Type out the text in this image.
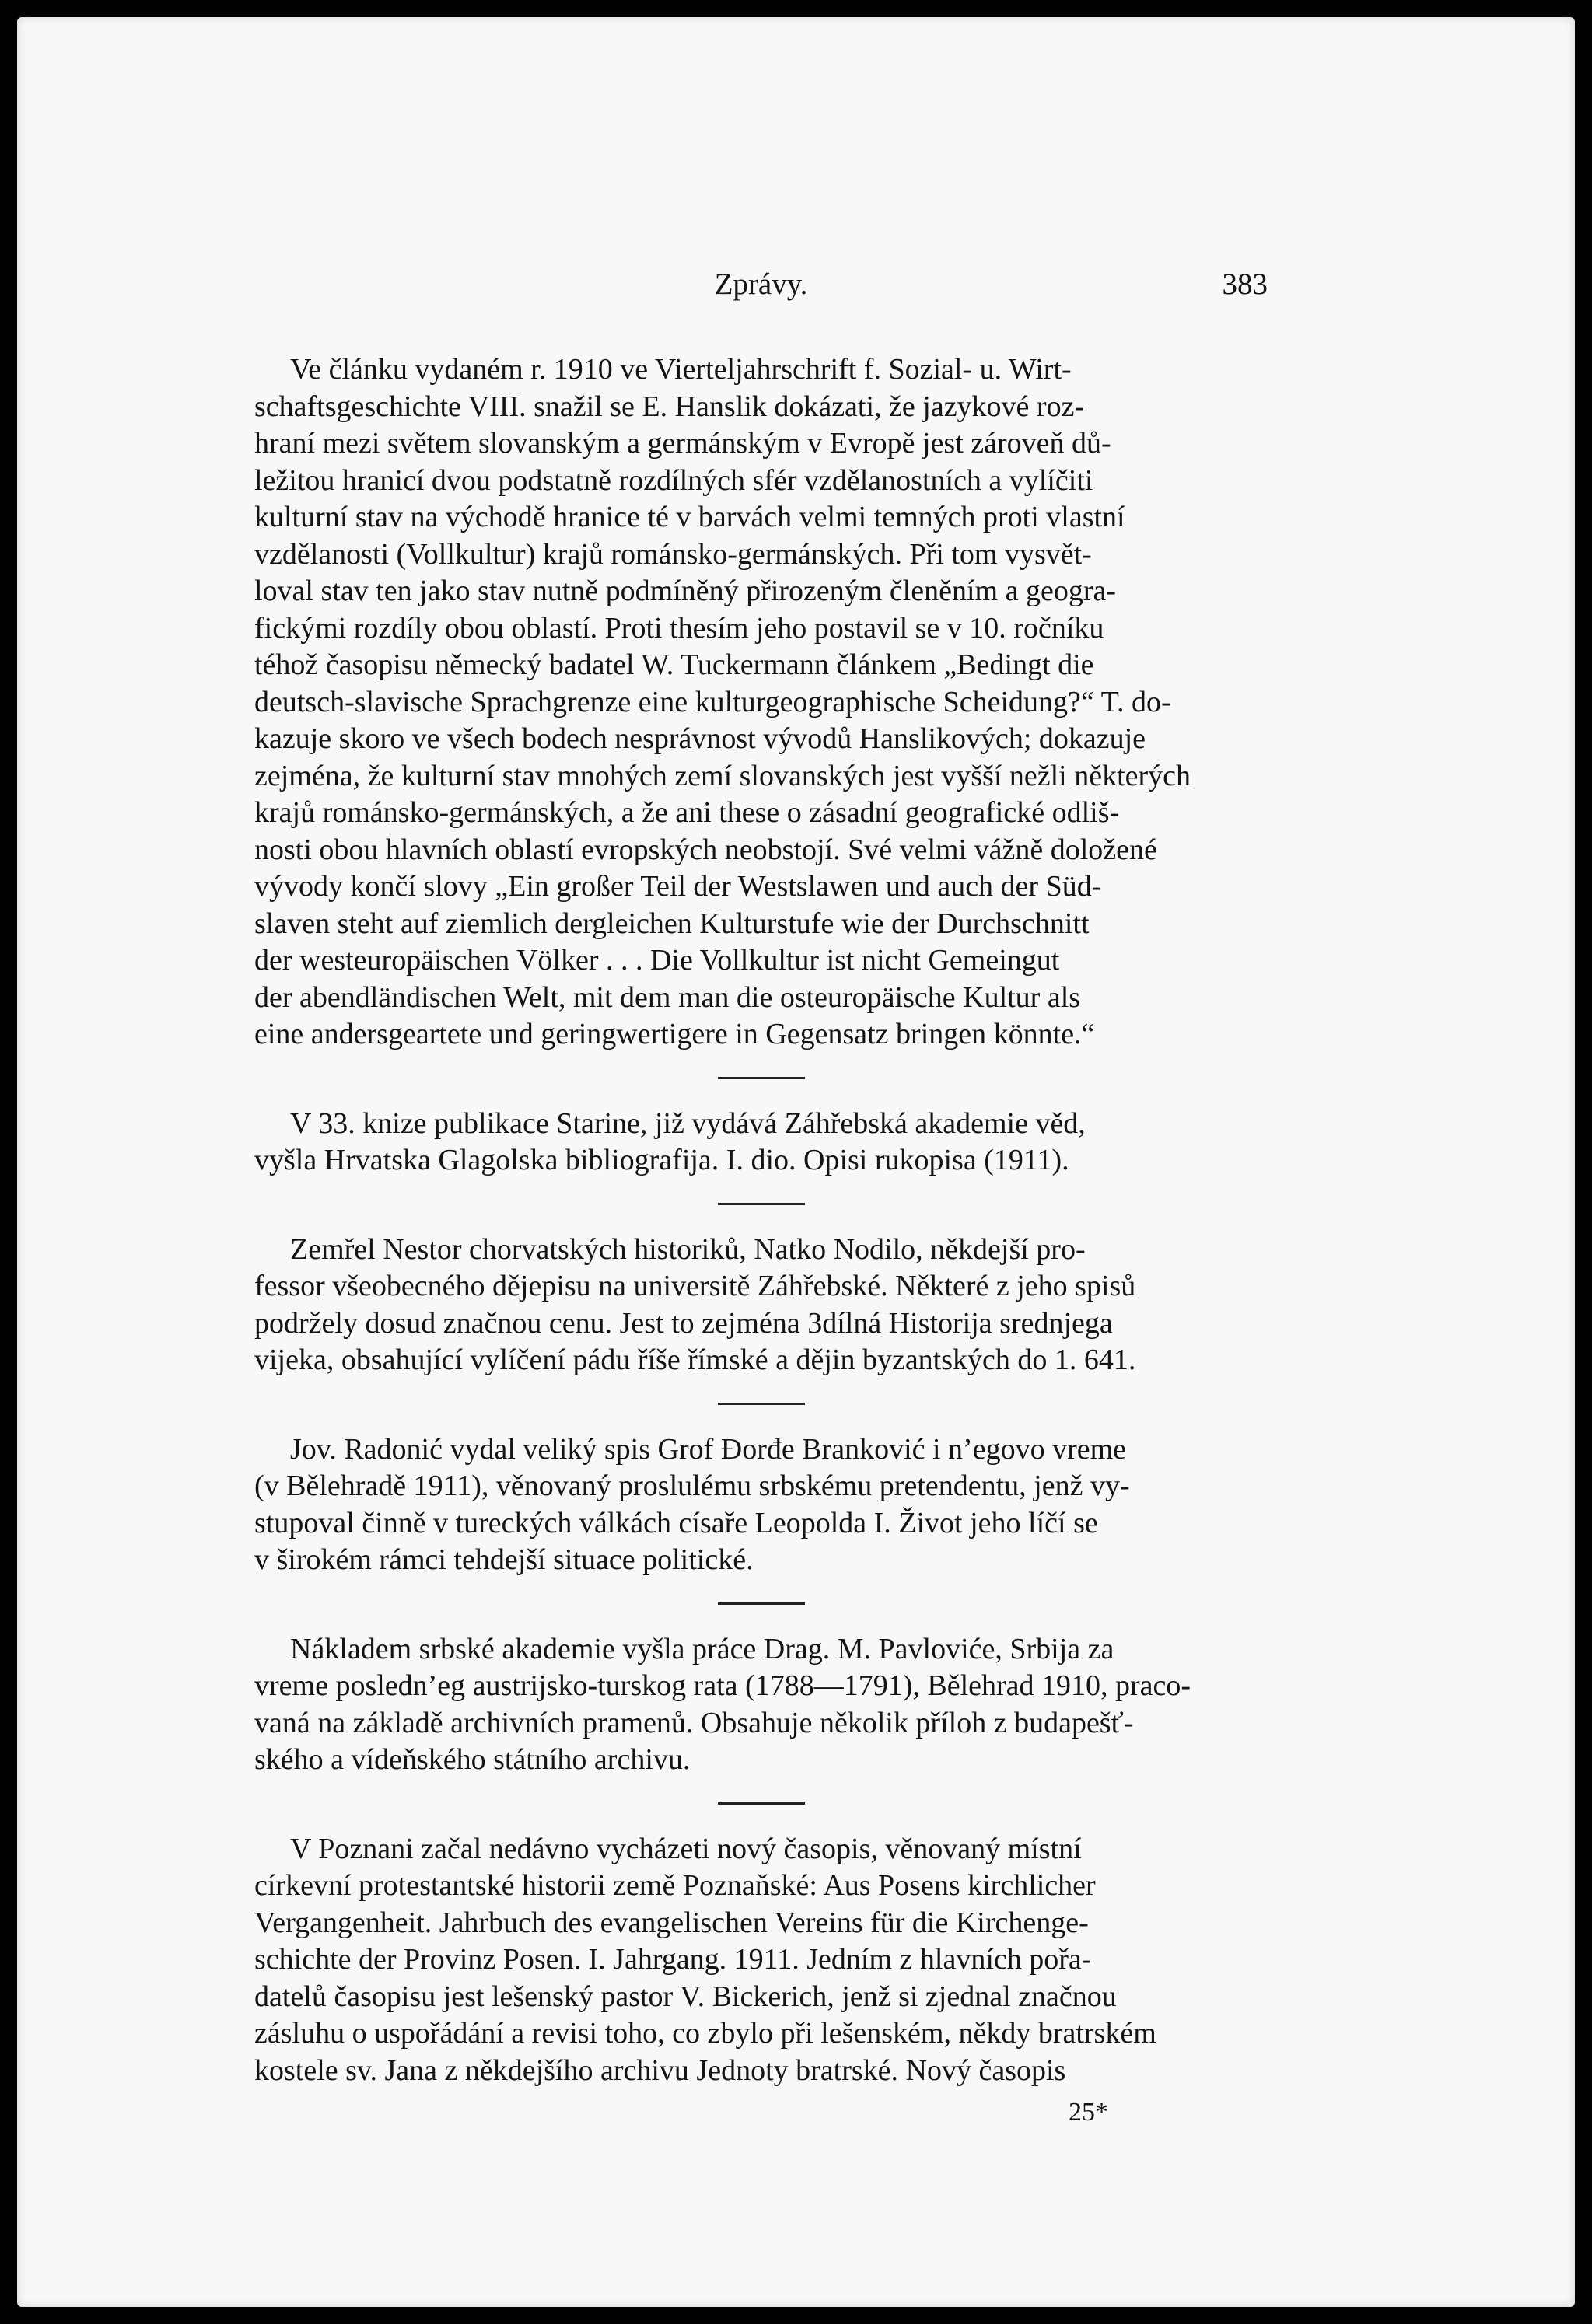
Zprávy.	383
Ve článku vydaném r. 1910 ve Vierteljahrschrift f. Sozial- u. Wirt-
schaftsgeschichte VIII. snažil se E. Hanslik dokázati, že jazykové roz-
hraní mezi světem slovanským a germánským v Evropě jest zároveň dů-
ležitou hranicí dvou podstatně rozdílných sfér vzdělanostních a vylíčiti
kulturní stav na východě hranice té v barvách velmi temných proti vlastní
vzdělanosti (Vollkultur) krajů románsko-germánských. Při tom vysvět-
loval stav ten jako stav nutně podmíněný přirozeným členěním a geogra-
fickými rozdíly obou oblastí. Proti thesím jeho postavil se v 10. ročníku
téhož časopisu německý badatel W. Tuckermann článkem „Bedingt die
deutsch-slavische Sprachgrenze eine kulturgeographische Scheidung?“ T. do-
kazuje skoro ve všech bodech nesprávnost vývodů Hanslikových; dokazuje
zejména, že kulturní stav mnohých zemí slovanských jest vyšší nežli některých
krajů románsko-germánských, a že ani these o zásadní geografické odliš-
nosti obou hlavních oblastí evropských neobstojí. Své velmi vážně doložené
vývody končí slovy „Ein großer Teil der Westslawen und auch der Süd-
slaven steht auf ziemlich dergleichen Kulturstufe wie der Durchschnitt
der westeuropäischen Völker . . . Die Vollkultur ist nicht Gemeingut
der abendländischen Welt, mit dem man die osteuropäische Kultur als
eine andersgeartete und geringwertigere in Gegensatz bringen könnte.“
V 33. knize publikace Starine, již vydává Záhřebská akademie věd,
vyšla Hrvatska Glagolska bibliografija. I. dio. Opisi rukopisa (1911).
Zemřel Nestor chorvatských historiků, Natko Nodilo, někdejší pro-
fessor všeobecného dějepisu na universitě Záhřebské. Některé z jeho spisů
podržely dosud značnou cenu. Jest to zejména 3dílná Historija srednjega
vijeka, obsahující vylíčení pádu říše římské a dějin byzantských do 1. 641.
Jov. Radonić vydal veliký spis Grof Đorđe Branković i n’egovo vreme
(v Bělehradě 1911), věnovaný proslulému srbskému pretendentu, jenž vy-
stupoval činně v tureckých válkách císaře Leopolda I. Život jeho líčí se
v širokém rámci tehdejší situace politické.
Nákladem srbské akademie vyšla práce Drag. M. Pavloviće, Srbija za
vreme posledn’eg austrijsko-turskog rata (1788—1791), Bělehrad 1910, praco-
vaná na základě archivních pramenů. Obsahuje několik příloh z budapešť-
ského a vídeňského státního archivu.
V Poznani začal nedávno vycházeti nový časopis, věnovaný místní
církevní protestantské historii země Poznaňské: Aus Posens kirchlicher
Vergangenheit. Jahrbuch des evangelischen Vereins für die Kirchenge-
schichte der Provinz Posen. I. Jahrgang. 1911. Jedním z hlavních pořa-
datelů časopisu jest lešenský pastor V. Bickerich, jenž si zjednal značnou
zásluhu o uspořádání a revisi toho, co zbylo při lešenském, někdy bratrském
kostele sv. Jana z někdejšího archivu Jednoty bratrské. Nový časopis
25*
